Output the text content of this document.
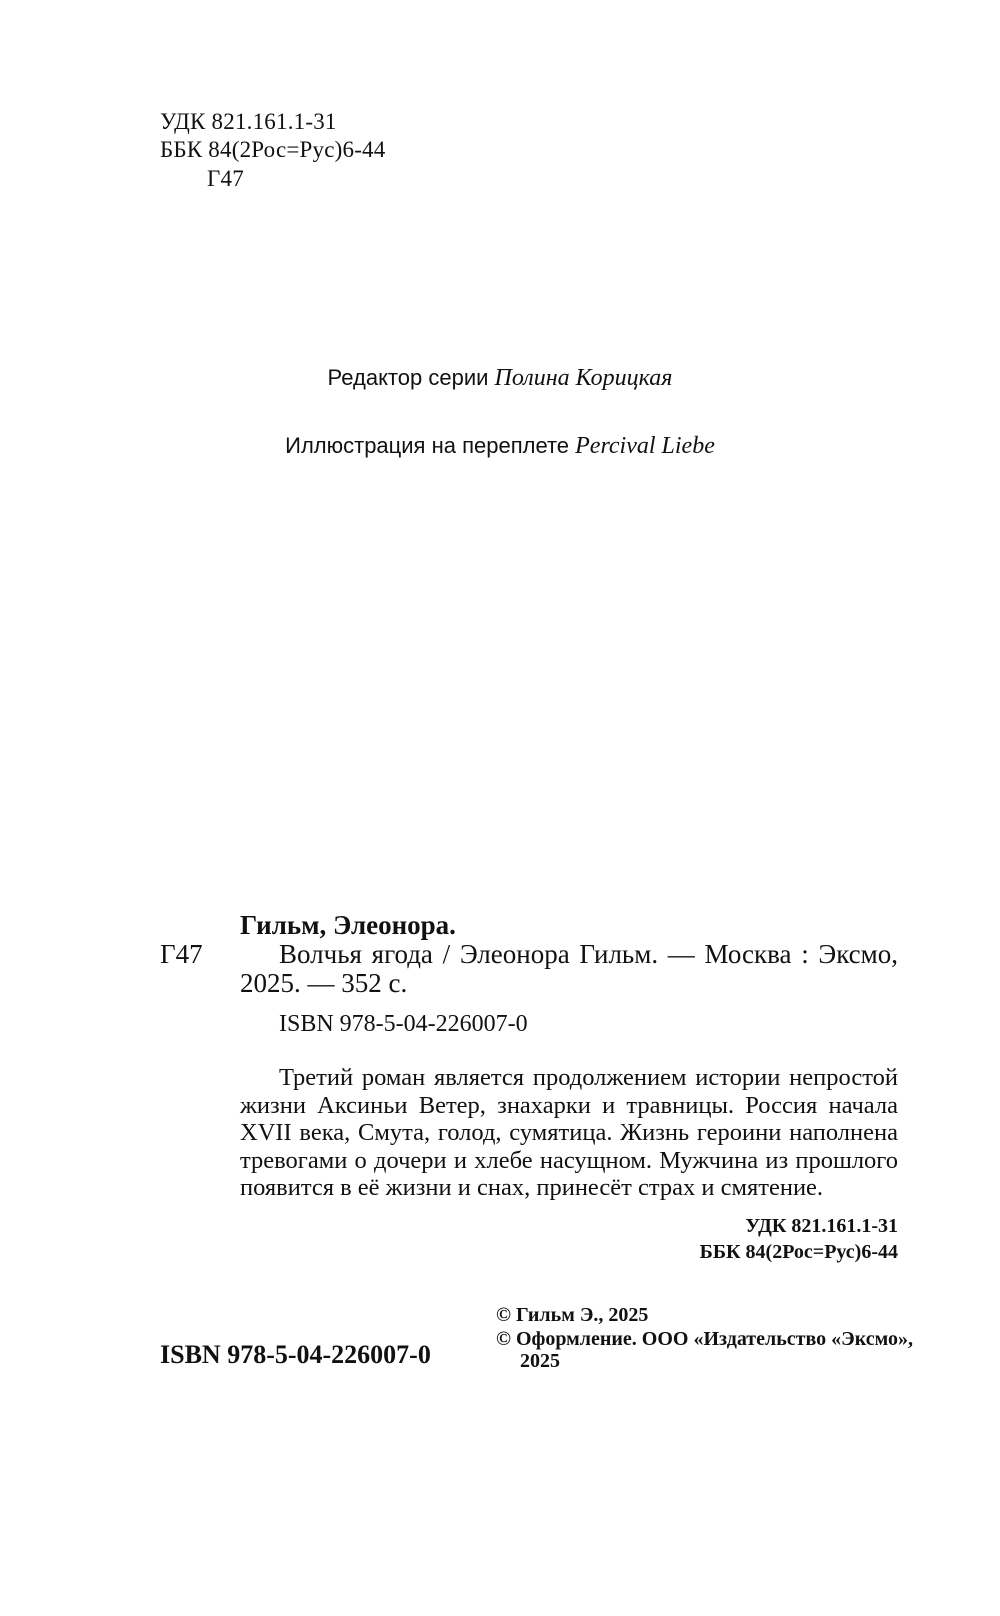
УДК 821.161.1-31
ББК 84(2Рос=Рус)6-44
Г47
Редактор серии Полина Корицкая
Иллюстрация на переплете Percival Liebe
Гильм, Элеонора.
Г47	Волчья ягода / Элеонора Гильм. — Москва : Эксмо, 2025. — 352 с.
ISBN 978-5-04-226007-0
Третий роман является продолжением истории непростой жизни Аксиньи Ветер, знахарки и травницы. Россия начала XVII века, Смута, голод, сумятица. Жизнь героини наполнена тревогами о дочери и хлебе насущном. Мужчина из прошлого появится в её жизни и снах, принесёт страх и смятение.
УДК 821.161.1-31
ББК 84(2Рос=Рус)6-44
ISBN 978-5-04-226007-0
© Гильм Э., 2025
© Оформление. ООО «Издательство «Эксмо», 2025
